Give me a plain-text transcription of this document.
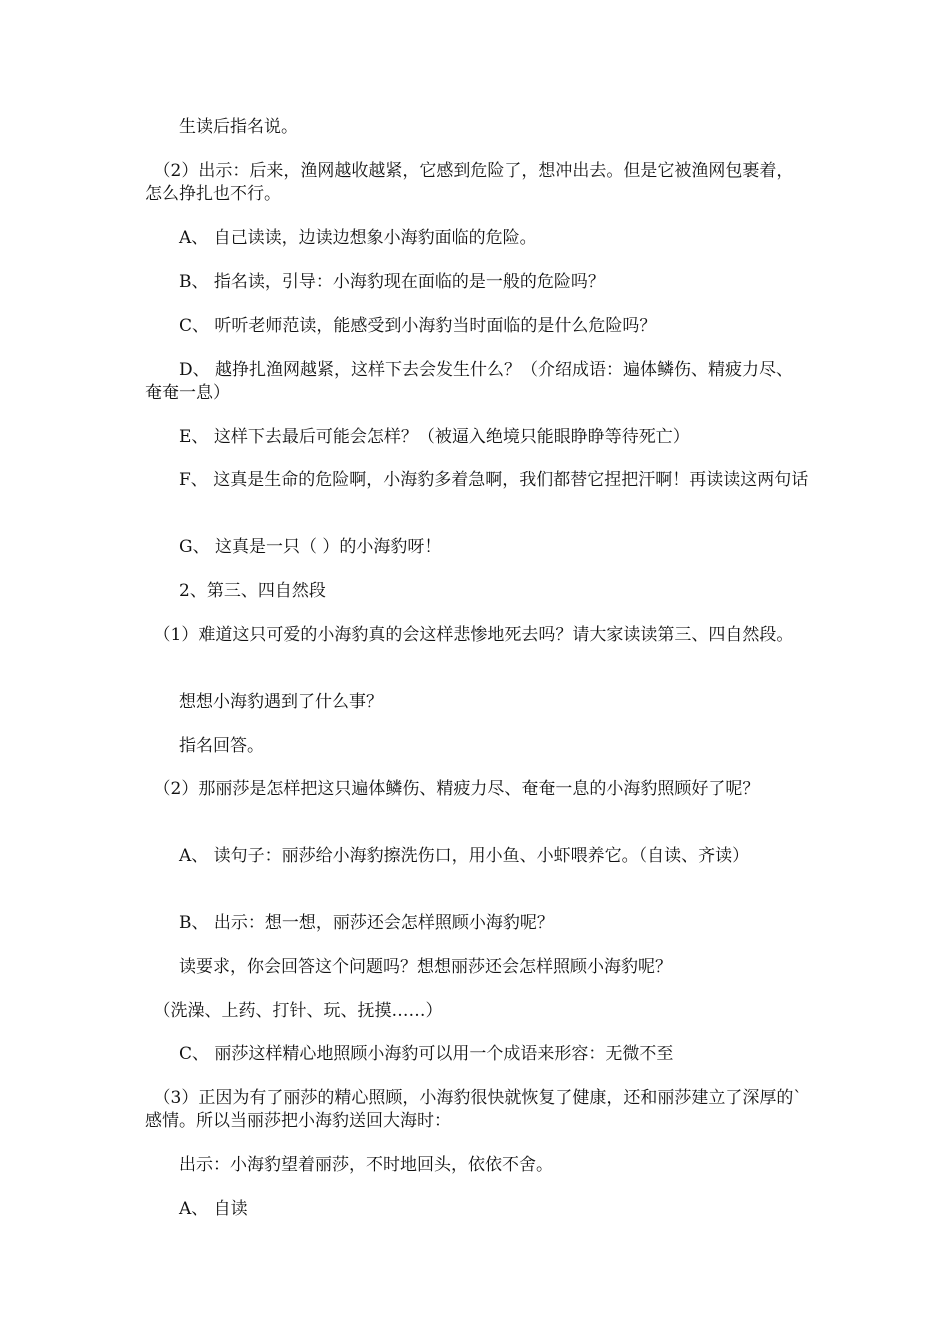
　　生读后指名说。

　（2）出示：后来，渔网越收越紧，它感到危险了，想冲出去。但是它被渔网包裹着，怎么挣扎也不行。

　　A、 自己读读，边读边想象小海豹面临的危险。

　　B、 指名读，引导：小海豹现在面临的是一般的危险吗？

　　C、 听听老师范读，能感受到小海豹当时面临的是什么危险吗？

　　D、 越挣扎渔网越紧，这样下去会发生什么？（介绍成语：遍体鳞伤、精疲力尽、奄奄一息）

　　E、 这样下去最后可能会怎样？（被逼入绝境只能眼睁睁等待死亡）

　　F、 这真是生命的危险啊，小海豹多着急啊，我们都替它捏把汗啊！再读读这两句话

　　G、 这真是一只（ ）的小海豹呀！

　　2、第三、四自然段

　（1）难道这只可爱的小海豹真的会这样悲惨地死去吗？请大家读读第三、四自然段。

　　想想小海豹遇到了什么事？

　　指名回答。

　（2）那丽莎是怎样把这只遍体鳞伤、精疲力尽、奄奄一息的小海豹照顾好了呢？

　　A、 读句子：丽莎给小海豹擦洗伤口，用小鱼、小虾喂养它。（自读、齐读）

　　B、 出示：想一想，丽莎还会怎样照顾小海豹呢？

　　读要求，你会回答这个问题吗？想想丽莎还会怎样照顾小海豹呢？

　（洗澡、上药、打针、玩、抚摸……）

　　C、 丽莎这样精心地照顾小海豹可以用一个成语来形容：无微不至

　（3）正因为有了丽莎的精心照顾，小海豹很快就恢复了健康，还和丽莎建立了深厚的`感情。所以当丽莎把小海豹送回大海时：

　　出示：小海豹望着丽莎，不时地回头，依依不舍。

　　A、 自读
